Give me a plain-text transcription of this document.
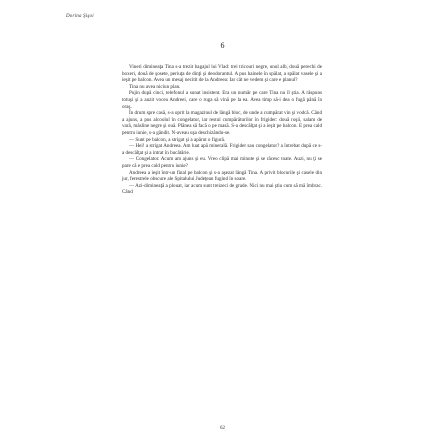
Dorina Şişoi
6

Vineri dimineaţa Tina s-a trezit bagajul lui Vlad: trei tricouri negre, unul alb, două perechi de boxeri, două de şosete, periuţa de dinţi şi deodorantul. A pus hainele în spălat, a spălat vasele şi a ieşit pe balcon. Avea un mesaj necitit de la Andreea: Iar cât ne vedem şi care e planul?

Tina nu avea niciun plan.

Pujin după cinci, telefonul a sunat insistent. Era un număr pe care Tina nu îl ştia. A răspuns totuşi şi a auzit vocea Andreei, care o ruga să vină pe la ea. Avea timp să-i dea o fugă până în oraş.

În drum spre casă, s-a oprit la magazinul de lângă bloc, de unde a cumpărat vin şi vodcă. Când a ajuns, a pus alcoolul în congelator, iar restul cumpărăturilor în frigider: două roşii, salam de vară, măsline negre şi ouă. Plănea să facă o pe masă. S-a descălţat şi a ieşit pe balcon. E prea cald pentru iunie, s-a gândit. N-aveau uşa deschizându-se.

— Sunt pe balcon, a strigat şi a apărut o figură.

— Hei! a strigat Andreea. Am luat apă minerală. Frigider sau congelator? a întrebat după ce s-a descălţat şi a intrat în bucătărie.

— Congelator. Acum am ajuns şi eu. Vreo clipă mai minute şi se răcesc toate. Auzi, nu ţi se pare că e prea cald pentru iunie?

Andreea a ieşit într-un final pe balcon şi s-a aşezat lângă Tina. A privit blocurile şi casele din jur, ferestrele obscure ale Spitalului Judeţean fugind în soare.

— Azi-dimineaţă a plouat, iar acum sunt treizeci de grade. Nici nu mai ştiu cum să mă îmbrac. Când

62
